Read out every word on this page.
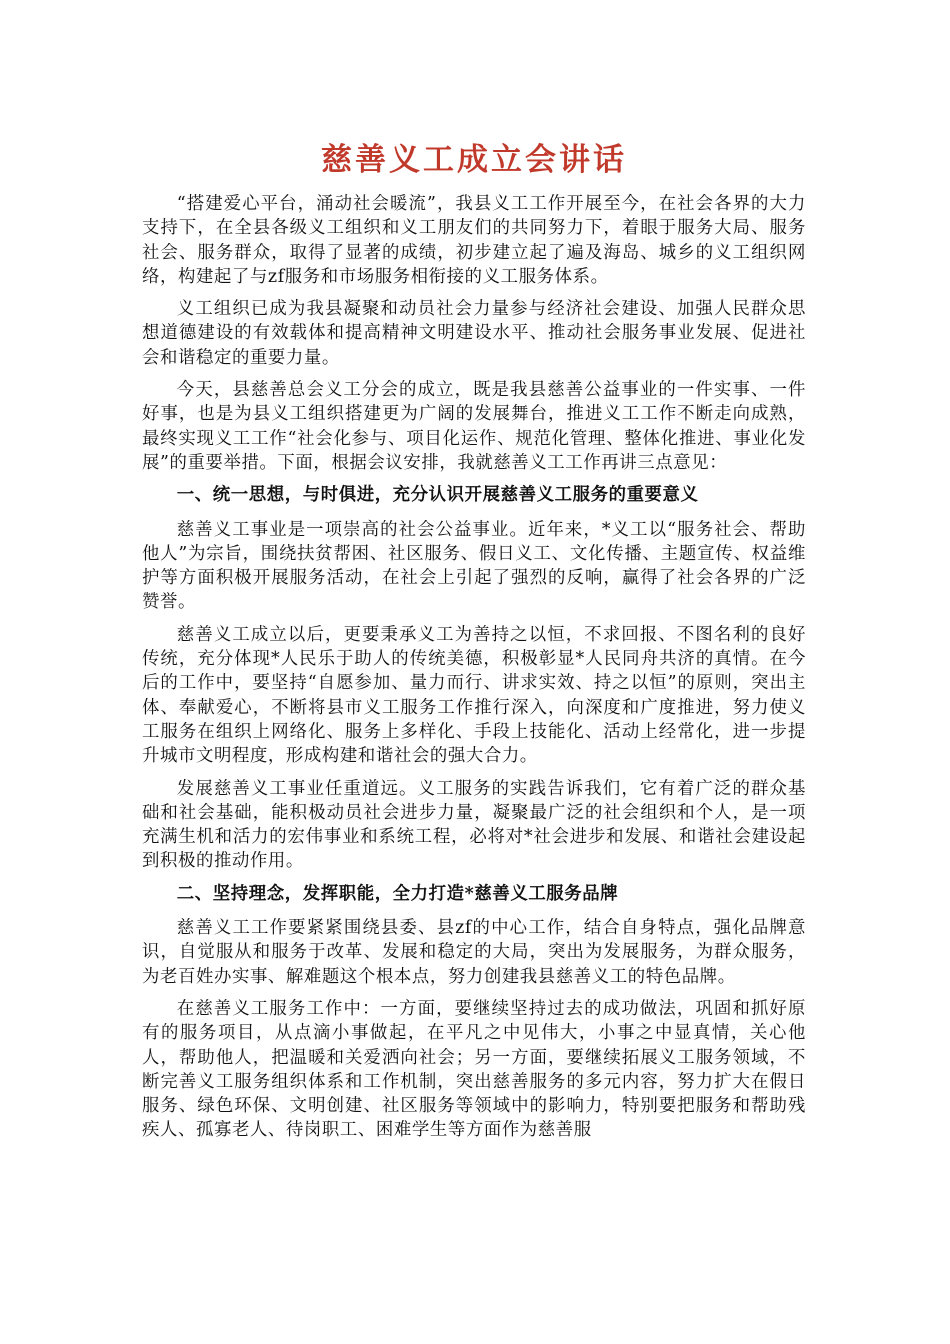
慈善义工成立会讲话

“搭建爱心平台，涌动社会暖流”，我县义工工作开展至今，在社会各界的大力支持下，在全县各级义工组织和义工朋友们的共同努力下，着眼于服务大局、服务社会、服务群众，取得了显著的成绩，初步建立起了遍及海岛、城乡的义工组织网络，构建起了与zf服务和市场服务相衔接的义工服务体系。

义工组织已成为我县凝聚和动员社会力量参与经济社会建设、加强人民群众思想道德建设的有效载体和提高精神文明建设水平、推动社会服务事业发展、促进社会和谐稳定的重要力量。

今天，县慈善总会义工分会的成立，既是我县慈善公益事业的一件实事、一件好事，也是为县义工组织搭建更为广阔的发展舞台，推进义工工作不断走向成熟，最终实现义工工作“社会化参与、项目化运作、规范化管理、整体化推进、事业化发展”的重要举措。下面，根据会议安排，我就慈善义工工作再讲三点意见：

一、统一思想，与时俱进，充分认识开展慈善义工服务的重要意义

慈善义工事业是一项崇高的社会公益事业。近年来，*义工以“服务社会、帮助他人”为宗旨，围绕扶贫帮困、社区服务、假日义工、文化传播、主题宣传、权益维护等方面积极开展服务活动，在社会上引起了强烈的反响，赢得了社会各界的广泛赞誉。

慈善义工成立以后，更要秉承义工为善持之以恒，不求回报、不图名利的良好传统，充分体现*人民乐于助人的传统美德，积极彰显*人民同舟共济的真情。在今后的工作中，要坚持“自愿参加、量力而行、讲求实效、持之以恒”的原则，突出主体、奉献爱心，不断将县市义工服务工作推行深入，向深度和广度推进，努力使义工服务在组织上网络化、服务上多样化、手段上技能化、活动上经常化，进一步提升城市文明程度，形成构建和谐社会的强大合力。

发展慈善义工事业任重道远。义工服务的实践告诉我们，它有着广泛的群众基础和社会基础，能积极动员社会进步力量，凝聚最广泛的社会组织和个人，是一项充满生机和活力的宏伟事业和系统工程，必将对*社会进步和发展、和谐社会建设起到积极的推动作用。

二、坚持理念，发挥职能，全力打造*慈善义工服务品牌

慈善义工工作要紧紧围绕县委、县zf的中心工作，结合自身特点，强化品牌意识，自觉服从和服务于改革、发展和稳定的大局，突出为发展服务，为群众服务，为老百姓办实事、解难题这个根本点，努力创建我县慈善义工的特色品牌。

在慈善义工服务工作中：一方面，要继续坚持过去的成功做法，巩固和抓好原有的服务项目，从点滴小事做起，在平凡之中见伟大，小事之中显真情，关心他人，帮助他人，把温暖和关爱洒向社会；另一方面，要继续拓展义工服务领域，不断完善义工服务组织体系和工作机制，突出慈善服务的多元内容，努力扩大在假日服务、绿色环保、文明创建、社区服务等领域中的影响力，特别要把服务和帮助残疾人、孤寡老人、待岗职工、困难学生等方面作为慈善服
